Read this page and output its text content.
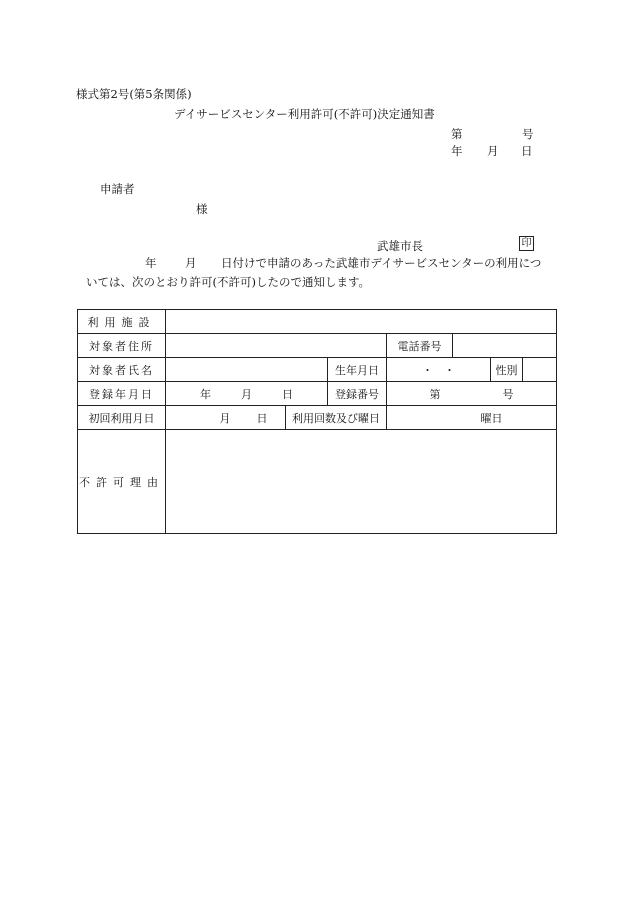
様式第2号(第5条関係)
デイサービスセンター利用許可(不許可)決定通知書
第	号
年 月 日
申請者
様
武雄市長	印
年 月 日付けで申請のあった武雄市デイサービスセンターの利用につ
いては、次のとおり許可(不許可)したので通知します。
利用施設							
対象者住所				電話番号			
対象者氏名			生年月日	・　・		性別	
登録年月日	年 月 日		登録番号	第 号			
初回利用月日	月 日	利用回数及び曜日		曜日			
不許可理由							
